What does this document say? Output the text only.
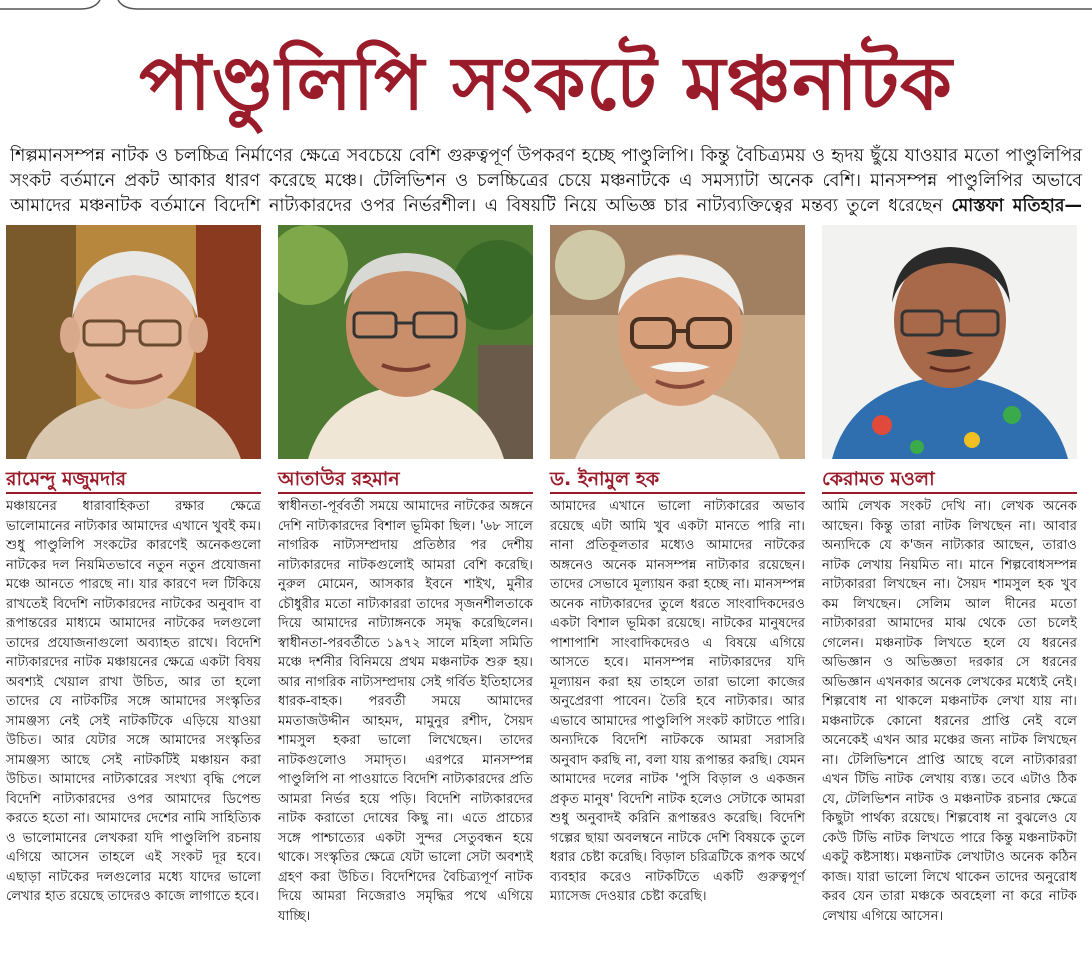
পাণ্ডুলিপি সংকটে মঞ্চনাটক

শিল্পমানসম্পন্ন নাটক ও চলচ্চিত্র নির্মাণের ক্ষেত্রে সবচেয়ে বেশি গুরুত্বপূর্ণ উপকরণ হচ্ছে পাণ্ডুলিপি। কিন্তু বৈচিত্র্যময় ও হৃদয় ছুঁয়ে যাওয়ার মতো পাণ্ডুলিপির সংকট বর্তমানে প্রকট আকার ধারণ করেছে মঞ্চে। টেলিভিশন ও চলচ্চিত্রের চেয়ে মঞ্চনাটকে এ সমস্যাটা অনেক বেশি। মানসম্পন্ন পাণ্ডুলিপির অভাবে আমাদের মঞ্চনাটক বর্তমানে বিদেশি নাট্যকারদের ওপর নির্ভরশীল। এ বিষয়টি নিয়ে অভিজ্ঞ চার নাট্যব্যক্তিত্বের মন্তব্য তুলে ধরেছেন মোস্তফা মতিহার—

রামেন্দু মজুমদার
মঞ্চায়নের ধারাবাহিকতা রক্ষার ক্ষেত্রে ভালোমানের নাট্যকার আমাদের এখানে খুবই কম। শুধু পাণ্ডুলিপি সংকটের কারণেই অনেকগুলো নাটকের দল নিয়মিতভাবে নতুন নতুন প্রযোজনা মঞ্চে আনতে পারছে না। যার কারণে দল টিকিয়ে রাখতেই বিদেশি নাট্যকারদের নাটকের অনুবাদ বা রূপান্তরের মাধ্যমে আমাদের নাটকের দলগুলো তাদের প্রযোজনাগুলো অব্যাহত রাখে। বিদেশি নাট্যকারদের নাটক মঞ্চায়নের ক্ষেত্রে একটা বিষয় অবশ্যই খেয়াল রাখা উচিত, আর তা হলো তাদের যে নাটকটির সঙ্গে আমাদের সংস্কৃতির সামঞ্জস্য নেই সেই নাটকটিকে এড়িয়ে যাওয়া উচিত। আর যেটার সঙ্গে আমাদের সংস্কৃতির সামঞ্জস্য আছে সেই নাটকটিই মঞ্চায়ন করা উচিত। আমাদের নাট্যকারের সংখ্যা বৃদ্ধি পেলে বিদেশি নাট্যকারদের ওপর আমাদের ডিপেন্ড করতে হতো না। আমাদের দেশের নামি সাহিত্যিক ও ভালোমানের লেখকরা যদি পাণ্ডুলিপি রচনায় এগিয়ে আসেন তাহলে এই সংকট দূর হবে। এছাড়া নাটকের দলগুলোর মধ্যে যাদের ভালো লেখার হাত রয়েছে তাদেরও কাজে লাগাতে হবে।
আতাউর রহমান
স্বাধীনতা-পূর্ববর্তী সময়ে আমাদের নাটকের অঙ্গনে দেশি নাট্যকারদের বিশাল ভূমিকা ছিল। '৬৮ সালে নাগরিক নাট্যসম্প্রদায় প্রতিষ্ঠার পর দেশীয় নাট্যকারদের নাটকগুলোই আমরা বেশি করেছি। নুরুল মোমেন, আসকার ইবনে শাইখ, মুনীর চৌধুরীর মতো নাট্যকাররা তাদের সৃজনশীলতাকে দিয়ে আমাদের নাট্যাঙ্গনকে সমৃদ্ধ করেছিলেন। স্বাধীনতা-পরবর্তীতে ১৯৭২ সালে মহিলা সমিতি মঞ্চে দর্শনীর বিনিময়ে প্রথম মঞ্চনাটক শুরু হয়। আর নাগরিক নাট্যসম্প্রদায় সেই গর্বিত ইতিহাসের ধারক-বাহক। পরবর্তী সময়ে আমাদের মমতাজউদ্দীন আহমদ, মামুনুর রশীদ, সৈয়দ শামসুল হকরা ভালো লিখেছেন। তাদের নাটকগুলোও সমাদৃত। এরপরে মানসম্পন্ন পাণ্ডুলিপি না পাওয়াতে বিদেশি নাট্যকারদের প্রতি আমরা নির্ভর হয়ে পড়ি। বিদেশি নাট্যকারদের নাটক করাতো দোষের কিছু না। এতে প্রাচ্যের সঙ্গে পাশ্চাত্যের একটা সুন্দর সেতুবন্ধন হয়ে থাকে। সংস্কৃতির ক্ষেত্রে যেটা ভালো সেটা অবশ্যই গ্রহণ করা উচিত। বিদেশিদের বৈচিত্র্যপূর্ণ নাটক দিয়ে আমরা নিজেরাও সমৃদ্ধির পথে এগিয়ে যাচ্ছি।
ড. ইনামুল হক
আমাদের এখানে ভালো নাট্যকারের অভাব রয়েছে এটা আমি খুব একটা মানতে পারি না। নানা প্রতিকূলতার মধ্যেও আমাদের নাটকের অঙ্গনেও অনেক মানসম্পন্ন নাট্যকার রয়েছেন। তাদের সেভাবে মূল্যায়ন করা হচ্ছে না। মানসম্পন্ন অনেক নাট্যকারদের তুলে ধরতে সাংবাদিকদেরও একটা বিশাল ভূমিকা রয়েছে। নাটকের মানুষদের পাশাপাশি সাংবাদিকদেরও এ বিষয়ে এগিয়ে আসতে হবে। মানসম্পন্ন নাট্যকারদের যদি মূল্যায়ন করা হয় তাহলে তারা ভালো কাজের অনুপ্রেরণা পাবেন। তৈরি হবে নাট্যকার। আর এভাবে আমাদের পাণ্ডুলিপি সংকট কাটাতে পারি। অন্যদিকে বিদেশি নাটককে আমরা সরাসরি অনুবাদ করছি না, বলা যায় রূপান্তর করছি। যেমন আমাদের দলের নাটক 'পুসি বিড়াল ও একজন প্রকৃত মানুষ' বিদেশি নাটক হলেও সেটাকে আমরা শুধু অনুবাদই করিনি রূপান্তরও করেছি। বিদেশি গল্পের ছায়া অবলম্বনে নাটকে দেশি বিষয়কে তুলে ধরার চেষ্টা করেছি। বিড়াল চরিত্রটিকে রূপক অর্থে ব্যবহার করেও নাটকটিতে একটি গুরুত্বপূর্ণ ম্যাসেজ দেওয়ার চেষ্টা করেছি।
কেরামত মওলা
আমি লেখক সংকট দেখি না। লেখক অনেক আছেন। কিন্তু তারা নাটক লিখছেন না। আবার অন্যদিকে যে ক'জন নাট্যকার আছেন, তারাও নাটক লেখায় নিয়মিত না। মানে শিল্পবোধসম্পন্ন নাট্যকাররা লিখছেন না। সৈয়দ শামসুল হক খুব কম লিখছেন। সেলিম আল দীনের মতো নাট্যকাররা আমাদের মাঝ থেকে তো চলেই গেলেন। মঞ্চনাটক লিখতে হলে যে ধরনের অভিজ্ঞান ও অভিজ্ঞতা দরকার সে ধরনের অভিজ্ঞান এখনকার অনেক লেখকের মধ্যেই নেই। শিল্পবোধ না থাকলে মঞ্চনাটক লেখা যায় না। মঞ্চনাটকে কোনো ধরনের প্রাপ্তি নেই বলে অনেকেই এখন আর মঞ্চের জন্য নাটক লিখছেন না। টেলিভিশনে প্রাপ্তি আছে বলে নাট্যকাররা এখন টিভি নাটক লেখায় ব্যস্ত। তবে এটাও ঠিক যে, টেলিভিশন নাটক ও মঞ্চনাটক রচনার ক্ষেত্রে কিছুটা পার্থক্য রয়েছে। শিল্পবোধ না বুঝলেও যে কেউ টিভি নাটক লিখতে পারে কিন্তু মঞ্চনাটকটা একটু কষ্টসাধ্য। মঞ্চনাটক লেখাটাও অনেক কঠিন কাজ। যারা ভালো লিখে থাকেন তাদের অনুরোধ করব যেন তারা মঞ্চকে অবহেলা না করে নাটক লেখায় এগিয়ে আসেন।
